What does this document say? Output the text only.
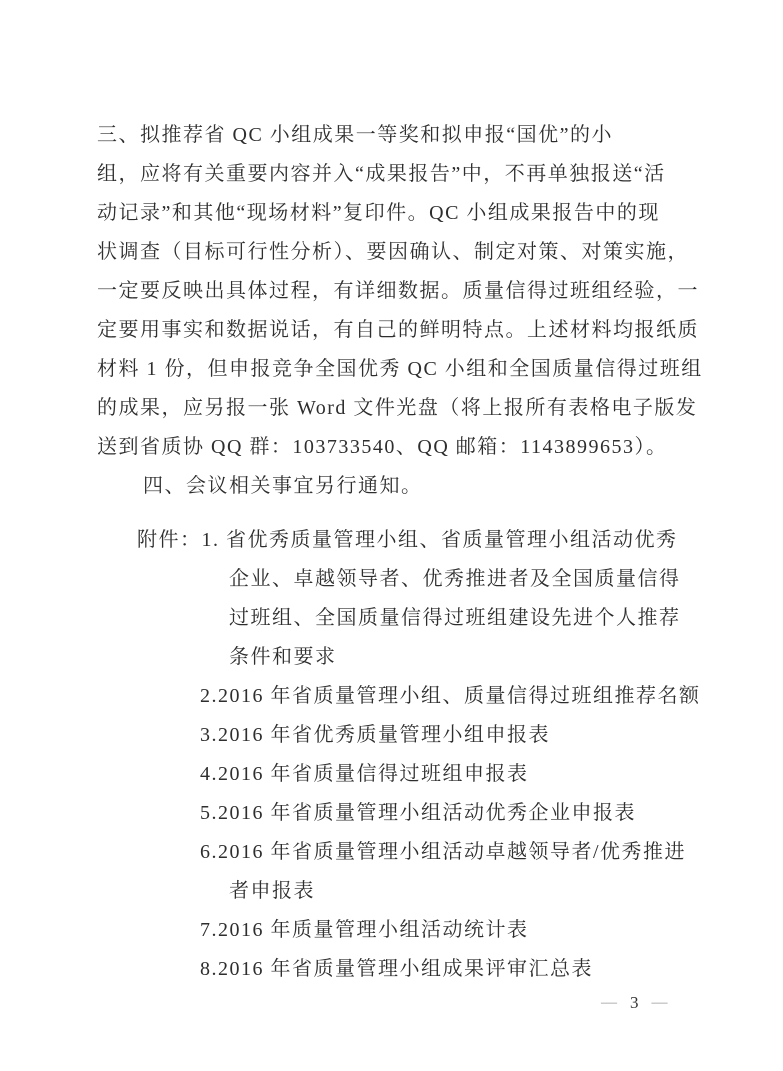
三、拟推荐省 QC 小组成果一等奖和拟申报“国优”的小
组，应将有关重要内容并入“成果报告”中，不再单独报送“活
动记录”和其他“现场材料”复印件。QC 小组成果报告中的现
状调查（目标可行性分析）、要因确认、制定对策、对策实施，
一定要反映出具体过程，有详细数据。质量信得过班组经验，一
定要用事实和数据说话，有自己的鲜明特点。上述材料均报纸质
材料 1 份，但申报竞争全国优秀 QC 小组和全国质量信得过班组
的成果，应另报一张 Word 文件光盘（将上报所有表格电子版发
送到省质协 QQ 群：103733540、QQ 邮箱：1143899653）。
四、会议相关事宜另行通知。
附件：1. 省优秀质量管理小组、省质量管理小组活动优秀
企业、卓越领导者、优秀推进者及全国质量信得
过班组、全国质量信得过班组建设先进个人推荐
条件和要求
2.2016 年省质量管理小组、质量信得过班组推荐名额
3.2016 年省优秀质量管理小组申报表
4.2016 年省质量信得过班组申报表
5.2016 年省质量管理小组活动优秀企业申报表
6.2016 年省质量管理小组活动卓越领导者/优秀推进
者申报表
7.2016 年质量管理小组活动统计表
8.2016 年省质量管理小组成果评审汇总表
— 3 —
